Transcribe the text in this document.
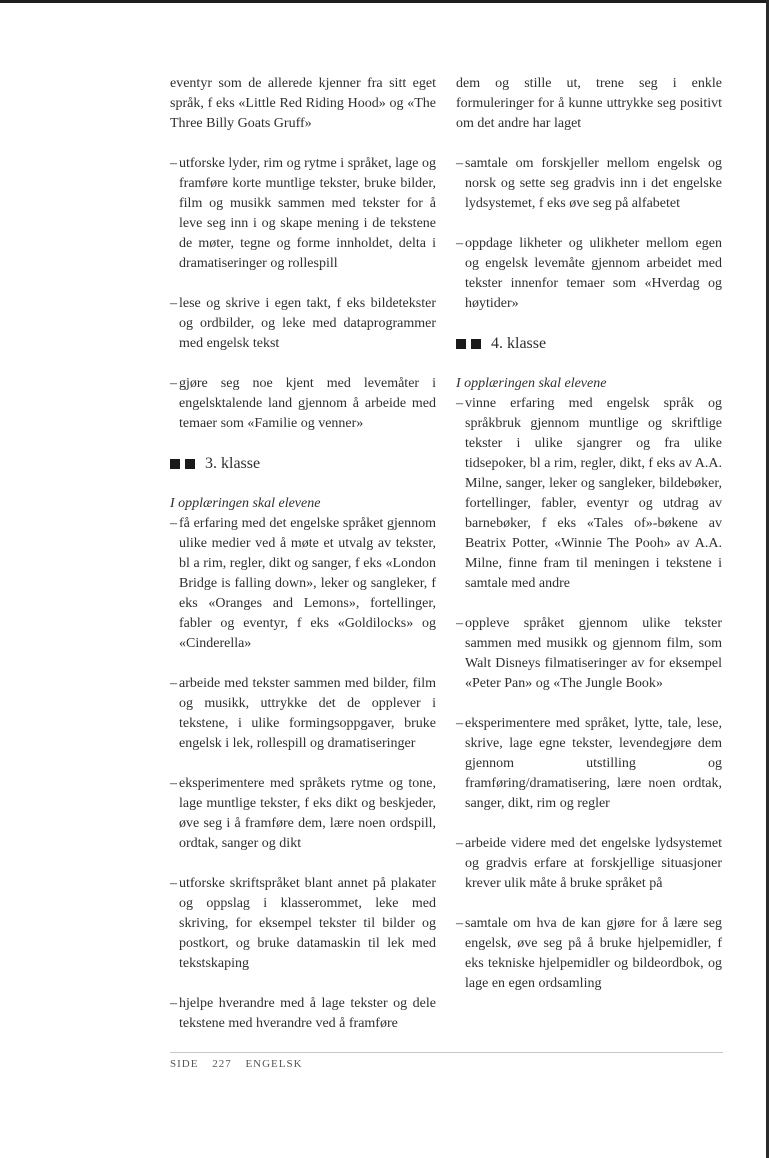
eventyr som de allerede kjenner fra sitt eget språk, f eks «Little Red Riding Hood» og «The Three Billy Goats Gruff»

– utforske lyder, rim og rytme i språket, lage og framføre korte muntlige tekster, bruke bilder, film og musikk sammen med tekster for å leve seg inn i og skape mening i de tekstene de møter, tegne og forme innholdet, delta i dramatiseringer og rollespill
– lese og skrive i egen takt, f eks bildetekster og ordbilder, og leke med dataprogrammer med engelsk tekst
– gjøre seg noe kjent med levemåter i engelsktalende land gjennom å arbeide med temaer som «Familie og venner»
3. klasse

I opplæringen skal elevene

– få erfaring med det engelske språket gjennom ulike medier ved å møte et utvalg av tekster, bl a rim, regler, dikt og sanger, f eks «London Bridge is falling down», leker og sangleker, f eks «Oranges and Lemons», fortellinger, fabler og eventyr, f eks «Goldilocks» og «Cinderella»
– arbeide med tekster sammen med bilder, film og musikk, uttrykke det de opplever i tekstene, i ulike formingsoppgaver, bruke engelsk i lek, rollespill og dramatiseringer
– eksperimentere med språkets rytme og tone, lage muntlige tekster, f eks dikt og beskjeder, øve seg i å framføre dem, lære noen ordspill, ordtak, sanger og dikt
– utforske skriftspråket blant annet på plakater og oppslag i klasserommet, leke med skriving, for eksempel tekster til bilder og postkort, og bruke datamaskin til lek med tekstskaping
– hjelpe hverandre med å lage tekster og dele tekstene med hverandre ved å framføre

dem og stille ut, trene seg i enkle formuleringer for å kunne uttrykke seg positivt om det andre har laget

– samtale om forskjeller mellom engelsk og norsk og sette seg gradvis inn i det engelske lydsystemet, f eks øve seg på alfabetet
– oppdage likheter og ulikheter mellom egen og engelsk levemåte gjennom arbeidet med tekster innenfor temaer som «Hverdag og høytider»
4. klasse

I opplæringen skal elevene

– vinne erfaring med engelsk språk og språkbruk gjennom muntlige og skriftlige tekster i ulike sjangrer og fra ulike tidsepoker, bl a rim, regler, dikt, f eks av A.A. Milne, sanger, leker og sangleker, bildebøker, fortellinger, fabler, eventyr og utdrag av barnebøker, f eks «Tales of»-bøkene av Beatrix Potter, «Winnie The Pooh» av A.A. Milne, finne fram til meningen i tekstene i samtale med andre
– oppleve språket gjennom ulike tekster sammen med musikk og gjennom film, som Walt Disneys filmatiseringer av for eksempel «Peter Pan» og «The Jungle Book»
– eksperimentere med språket, lytte, tale, lese, skrive, lage egne tekster, levendegjøre dem gjennom utstilling og framføring/dramatisering, lære noen ordtak, sanger, dikt, rim og regler
– arbeide videre med det engelske lydsystemet og gradvis erfare at forskjellige situasjoner krever ulik måte å bruke språket på
– samtale om hva de kan gjøre for å lære seg engelsk, øve seg på å bruke hjelpemidler, f eks tekniske hjelpemidler og bildeordbok, og lage en egen ordsamling
SIDE 227 ENGELSK
